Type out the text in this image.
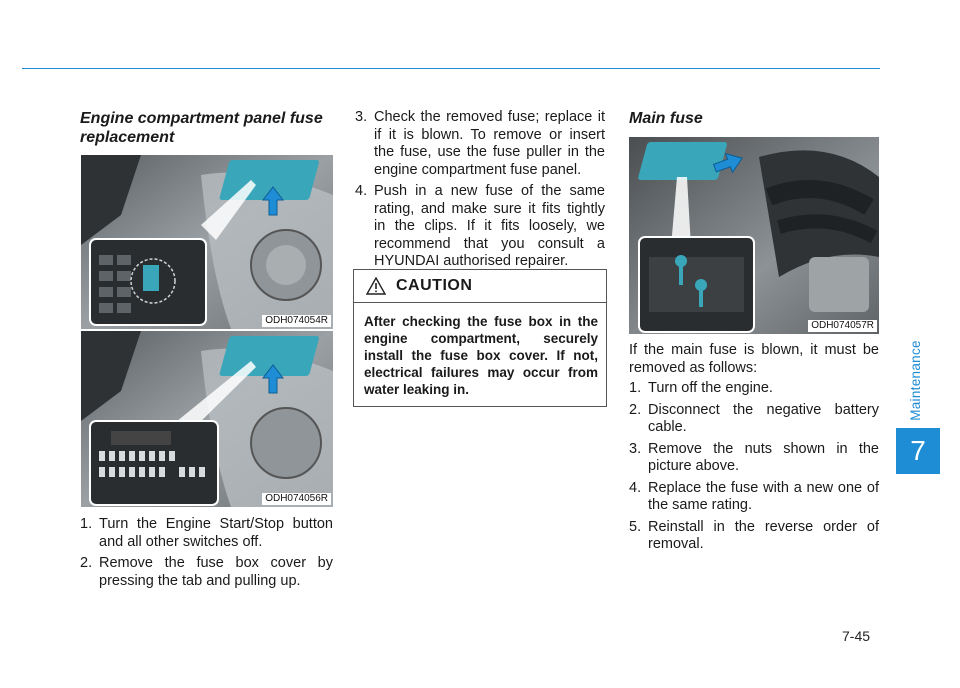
Maintenance
7
Engine compartment panel fuse replacement
ODH074054R
ODH074056R
1. Turn the Engine Start/Stop button and all other switches off.
2. Remove the fuse box cover by pressing the tab and pulling up.
3. Check the removed fuse; replace it if it is blown. To remove or insert the fuse, use the fuse puller in the engine compartment fuse panel.
4. Push in a new fuse of the same rating, and make sure it fits tightly in the clips. If it fits loosely, we recommend that you consult a HYUNDAI authorised repairer.
CAUTION
After checking the fuse box in the engine compartment, securely install the fuse box cover. If not, electrical failures may occur from water leaking in.
Main fuse
ODH074057R

If the main fuse is blown, it must be removed as follows:

1. Turn off the engine.
2. Disconnect the negative battery cable.
3. Remove the nuts shown in the picture above.
4. Replace the fuse with a new one of the same rating.
5. Reinstall in the reverse order of removal.
7-45
